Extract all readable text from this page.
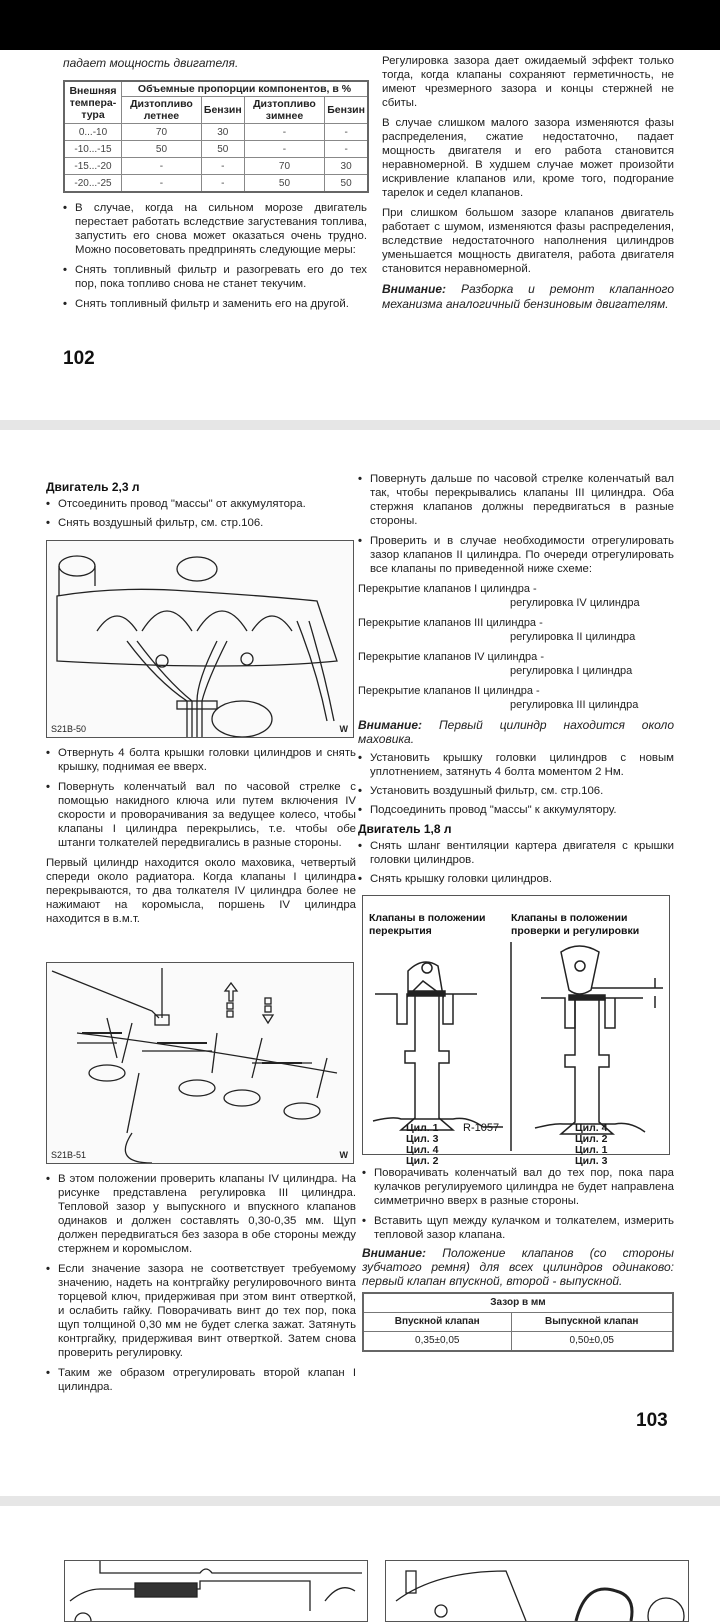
падает мощность двигателя.
Внешняя темпера-тура	Объемные пропорции компонентов, в %			
	Дизтопливо летнее	Бензин	Дизтопливо зимнее	Бензин
0...-10	70	30	-	-
-10...-15	50	50	-	-
-15...-20	-	-	70	30
-20...-25	-	-	50	50

• В случае, когда на сильном морозе двигатель перестает работать вследствие загустевания топлива, запустить его снова может оказаться очень трудно. Можно посоветовать предпринять следующие меры:

• Снять топливный фильтр и разогревать его до тех пор, пока топливо снова не станет текучим.

• Снять топливный фильтр и заменить его на другой.

Регулировка зазора дает ожидаемый эффект только тогда, когда клапаны сохраняют герметичность, не имеют чрезмерного зазора и концы стержней не сбиты.

В случае слишком малого зазора изменяются фазы распределения, сжатие недостаточно, падает мощность двигателя и его работа становится неравномерной. В худшем случае может произойти искривление клапанов или, кроме того, подгорание тарелок и седел клапанов.

При слишком большом зазоре клапанов двигатель работает с шумом, изменяются фазы распределения, вследствие недостаточного наполнения цилиндров уменьшается мощность двигателя, работа двигателя становится неравномерной.

Внимание: Разборка и ремонт клапанного механизма аналогичный бензиновым двигателям.

102
Двигатель 2,3 л

• Отсоединить провод "массы" от аккумулятора.

• Снять воздушный фильтр, см. стр.106.

S21B-50	W

• Отвернуть 4 болта крышки головки цилиндров и снять крышку, поднимая ее вверх.

• Повернуть коленчатый вал по часовой стрелке с помощью накидного ключа или путем включения IV скорости и проворачивания за ведущее колесо, чтобы клапаны I цилиндра перекрылись, т.е. чтобы обе штанги толкателей передвигались в разные стороны.

Первый цилиндр находится около маховика, четвертый спереди около радиатора. Когда клапаны I цилиндра перекрываются, то два толкателя IV цилиндра более не нажимают на коромысла, поршень IV цилиндра находится в в.м.т.

S21B-51	W

• В этом положении проверить клапаны IV цилиндра. На рисунке представлена регулировка III цилиндра. Тепловой зазор у выпускного и впускного клапанов одинаков и должен составлять 0,30-0,35 мм. Щуп должен передвигаться без зазора в обе стороны между стержнем и коромыслом.

• Если значение зазора не соответствует требуемому значению, надеть на контргайку регулировочного винта торцевой ключ, придерживая при этом винт отверткой, и ослабить гайку. Поворачивать винт до тех пор, пока щуп толщиной 0,30 мм не будет слегка зажат. Затянуть контргайку, придерживая винт отверткой. Затем снова проверить регулировку.

• Таким же образом отрегулировать второй клапан I цилиндра.

• Повернуть дальше по часовой стрелке коленчатый вал так, чтобы перекрывались клапаны III цилиндра. Оба стержня клапанов должны передвигаться в разные стороны.

• Проверить и в случае необходимости отрегулировать зазор клапанов II цилиндра. По очереди отрегулировать все клапаны по приведенной ниже схеме:

Перекрытие клапанов I цилиндра -
регулировка IV цилиндра
Перекрытие клапанов III цилиндра -
регулировка II цилиндра
Перекрытие клапанов IV цилиндра -
регулировка I цилиндра
Перекрытие клапанов II цилиндра -
регулировка III цилиндра

Внимание: Первый цилиндр находится около маховика.

• Установить крышку головки цилиндров с новым уплотнением, затянуть 4 болта моментом 2 Нм.

• Установить воздушный фильтр, см. стр.106.

• Подсоединить провод "массы" к аккумулятору.

Двигатель 1,8 л

• Снять шланг вентиляции картера двигателя с крышки головки цилиндров.

• Снять крышку головки цилиндров.

Клапаны в положении перекрытия
Клапаны в положении проверки и регулировки
R-1057
Цил. 1
Цил. 3
Цил. 4
Цил. 2
Цил. 4
Цил. 2
Цил. 1
Цил. 3

• Поворачивать коленчатый вал до тех пор, пока пара кулачков регулируемого цилиндра не будет направлена симметрично вверх в разные стороны.

• Вставить щуп между кулачком и толкателем, измерить тепловой зазор клапана.

Внимание: Положение клапанов (со стороны зубчатого ремня) для всех цилиндров одинаково: первый клапан впускной, второй - выпускной.

Зазор в мм	
Впускной клапан	Выпускной клапан
0,35±0,05	0,50±0,05
103
